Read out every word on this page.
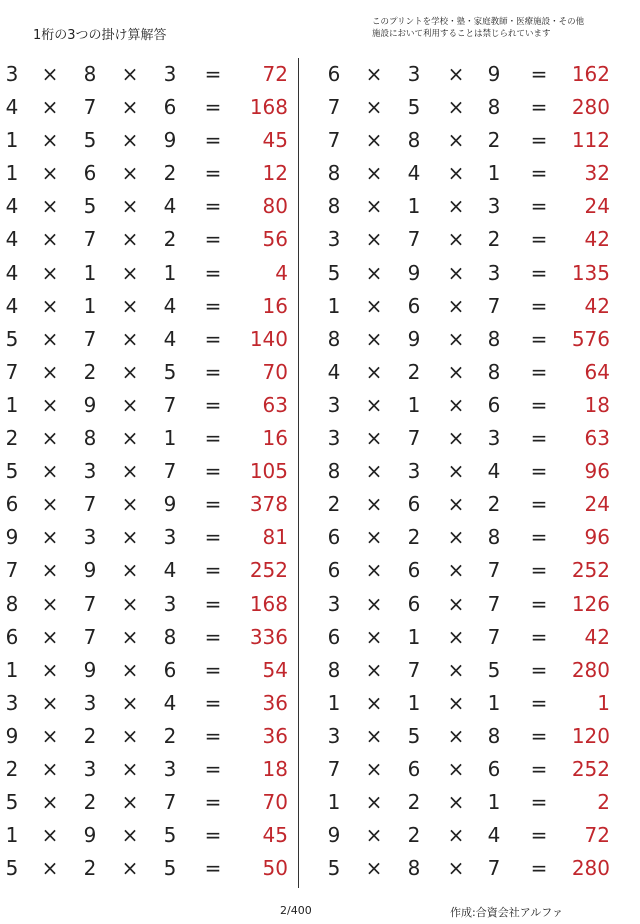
1桁の3つの掛け算解答
このプリントを学校・塾・家庭教師・医療施設・その他
施設において利用することは禁じられています
3 × 8 × 3 =	72
4 × 7 × 6 =	168
1 × 5 × 9 =	45
1 × 6 × 2 =	12
4 × 5 × 4 =	80
4 × 7 × 2 =	56
4 × 1 × 1 =	4
4 × 1 × 4 =	16
5 × 7 × 4 =	140
7 × 2 × 5 =	70
1 × 9 × 7 =	63
2 × 8 × 1 =	16
5 × 3 × 7 =	105
6 × 7 × 9 =	378
9 × 3 × 3 =	81
7 × 9 × 4 =	252
8 × 7 × 3 =	168
6 × 7 × 8 =	336
1 × 9 × 6 =	54
3 × 3 × 4 =	36
9 × 2 × 2 =	36
2 × 3 × 3 =	18
5 × 2 × 7 =	70
1 × 9 × 5 =	45
5 × 2 × 5 =	50
6 × 3 × 9 =	162
7 × 5 × 8 =	280
7 × 8 × 2 =	112
8 × 4 × 1 =	32
8 × 1 × 3 =	24
3 × 7 × 2 =	42
5 × 9 × 3 =	135
1 × 6 × 7 =	42
8 × 9 × 8 =	576
4 × 2 × 8 =	64
3 × 1 × 6 =	18
3 × 7 × 3 =	63
8 × 3 × 4 =	96
2 × 6 × 2 =	24
6 × 2 × 8 =	96
6 × 6 × 7 =	252
3 × 6 × 7 =	126
6 × 1 × 7 =	42
8 × 7 × 5 =	280
1 × 1 × 1 =	1
3 × 5 × 8 =	120
7 × 6 × 6 =	252
1 × 2 × 1 =	2
9 × 2 × 4 =	72
5 × 8 × 7 =	280
2/400	作成:合資会社アルファ
